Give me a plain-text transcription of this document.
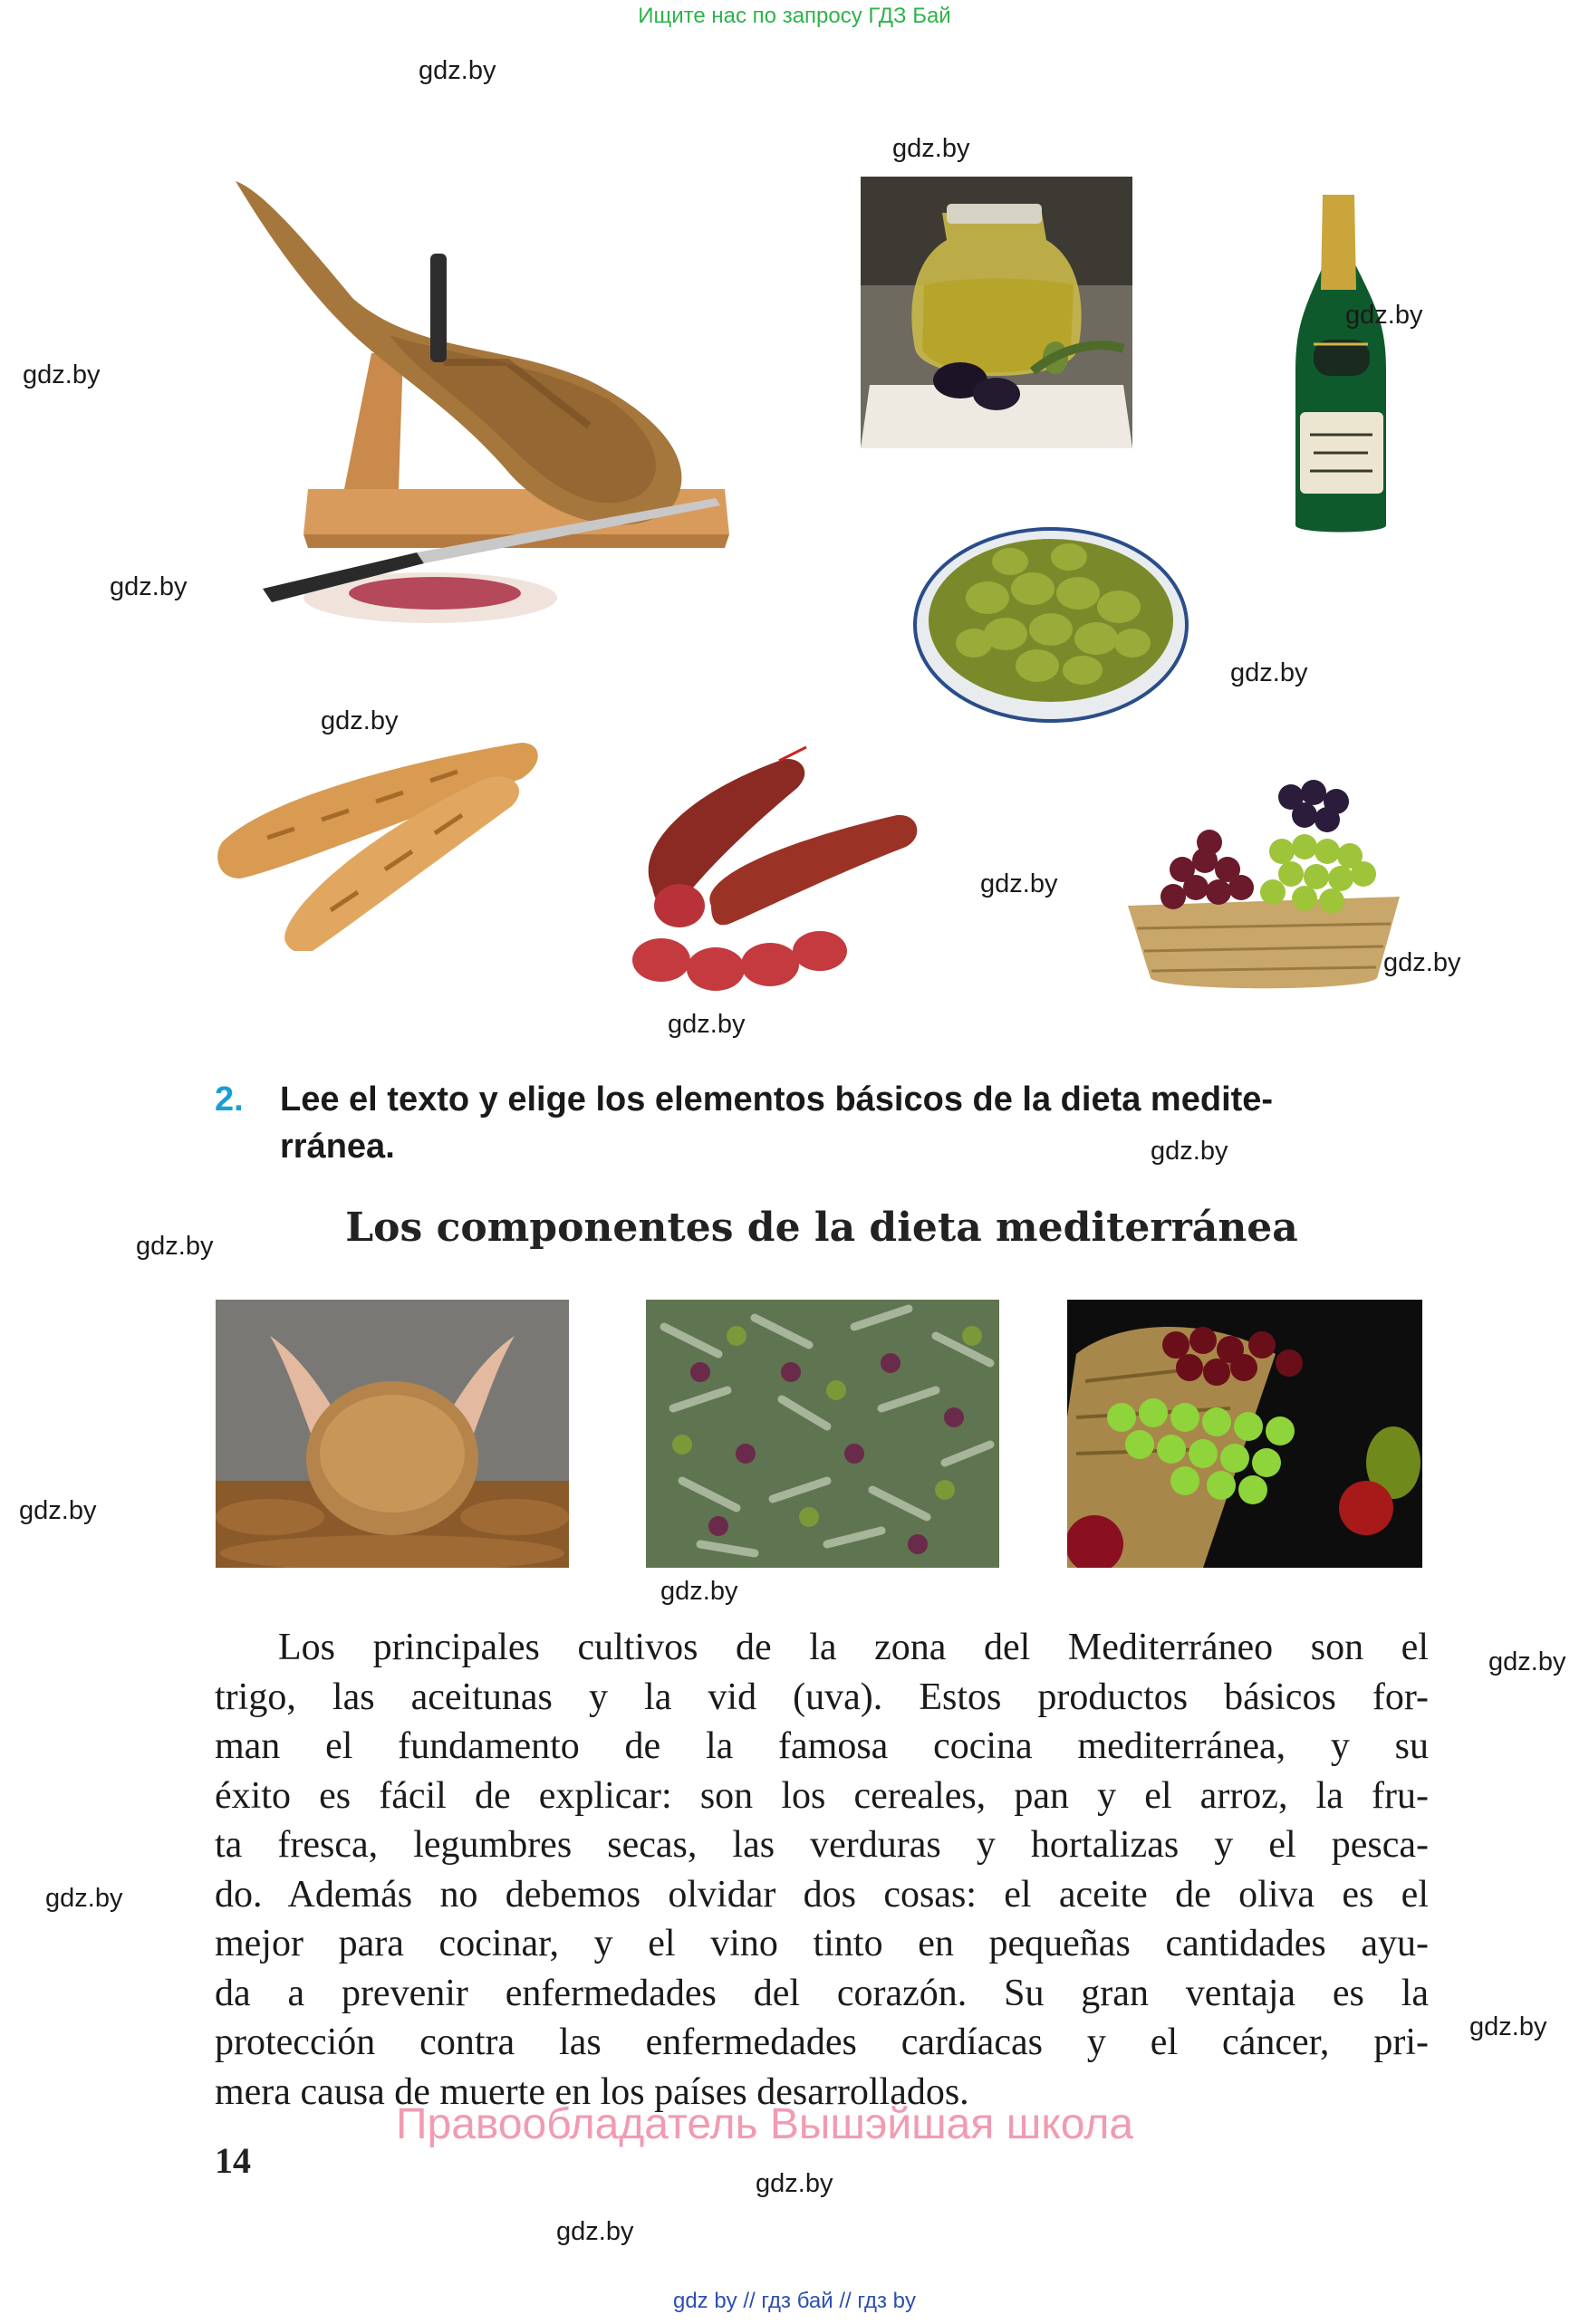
Ищите нас по запросу ГДЗ Бай
2. Lee el texto y elige los elementos básicos de la dieta medite-
rránea.
Los componentes de la dieta mediterránea
Los principales cultivos de la zona del Mediterráneo son el
trigo, las aceitunas y la vid (uva). Estos productos básicos for-
man el fundamento de la famosa cocina mediterránea, y su
éxito es fácil de explicar: son los cereales, pan y el arroz, la fru-
ta fresca, legumbres secas, las verduras y hortalizas y el pesca-
do. Además no debemos olvidar dos cosas: el aceite de oliva es el
mejor para cocinar, y el vino tinto en pequeñas cantidades ayu-
da a prevenir enfermedades del corazón. Su gran ventaja es la
protección contra las enfermedades cardíacas y el cáncer, pri-
mera causa de muerte en los países desarrollados.
Правообладатель Вышэйшая школа
14
gdz.by
gdz.by
gdz.by
gdz.by
gdz.by
gdz.by
gdz.by
gdz.by
gdz.by
gdz.by
gdz.by
gdz.by
gdz.by
gdz.by
gdz.by
gdz.by
gdz.by
gdz.by
gdz.by
gdz by // гдз бай // гдз by
